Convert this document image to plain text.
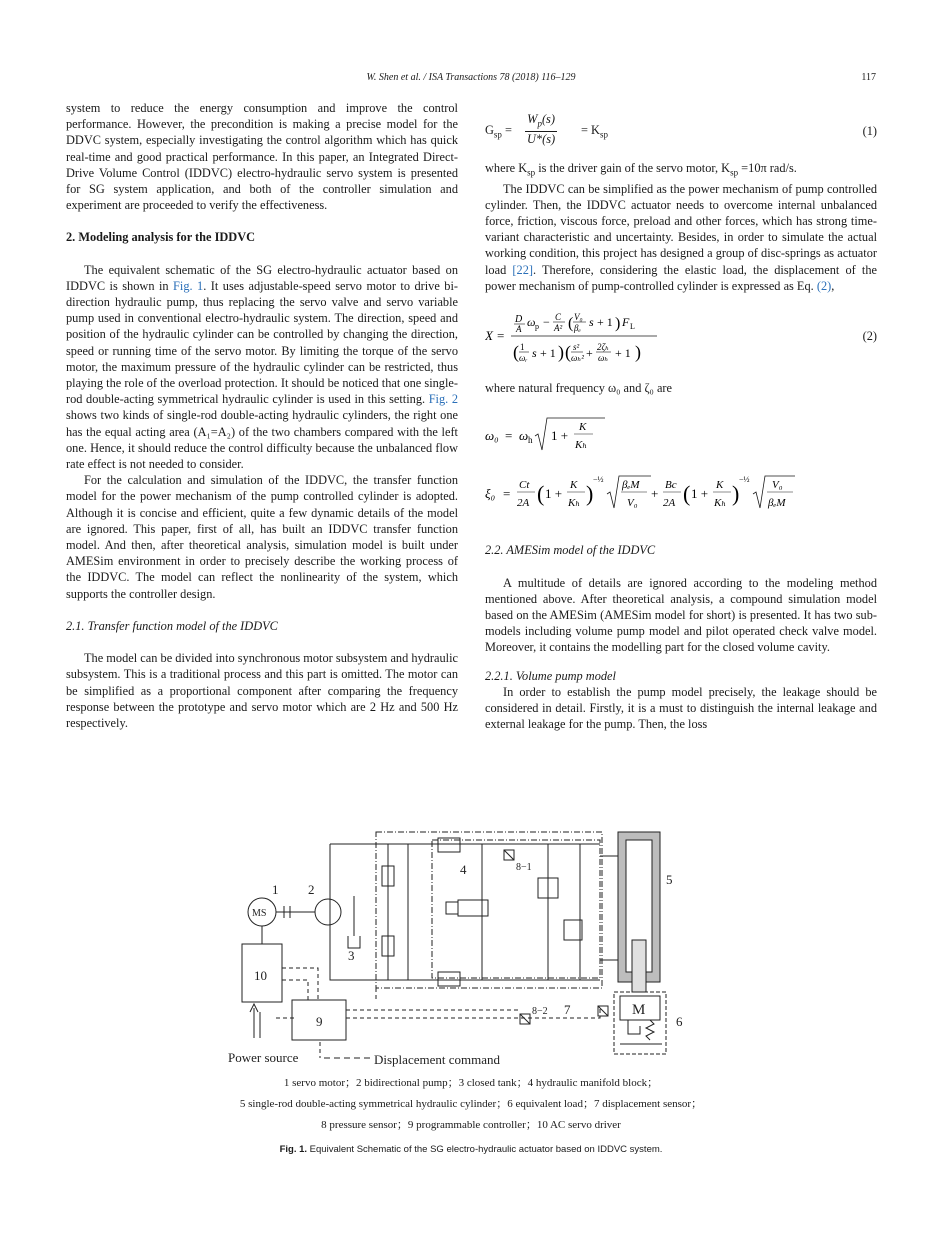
W. Shen et al. / ISA Transactions 78 (2018) 116–129	117

system to reduce the energy consumption and improve the control performance. However, the precondition is making a precise model for the DDVC system, especially investigating the control algorithm which has quick real-time and good practical performance. In this paper, an Integrated Direct-Drive Volume Control (IDDVC) electro-hydraulic servo system is presented for SG system application, and both of the controller simulation and experiment are proceeded to verify the effectiveness.

2. Modeling analysis for the IDDVC

The equivalent schematic of the SG electro-hydraulic actuator based on IDDVC is shown in Fig. 1. It uses adjustable-speed servo motor to drive bi-direction hydraulic pump, thus replacing the servo valve and servo variable pump used in conventional electro-hydraulic system. The direction, speed and position of the hydraulic cylinder can be controlled by changing the direction, speed or running time of the servo motor. By limiting the torque of the servo motor, the maximum pressure of the hydraulic cylinder can be restricted, thus playing the role of the overload protection. It should be noticed that one single-rod double-acting symmetrical hydraulic cylinder is used in this setting. Fig. 2 shows two kinds of single-rod double-acting hydraulic cylinders, the right one has the equal acting area (A₁=A₂) of the two chambers compared with the left one. Hence, it should reduce the control difficulty because the unbalanced flow rate effect is not needed to consider.

For the calculation and simulation of the IDDVC, the transfer function model for the power mechanism of the pump controlled cylinder is adopted. Although it is concise and efficient, quite a few dynamic details of the model are ignored. This paper, first of all, has built an IDDVC transfer function model. And then, after theoretical analysis, simulation model is built under AMESim environment in order to precisely describe the working process of the IDDVC. The model can reflect the nonlinearity of the system, which supports the controller design.

2.1. Transfer function model of the IDDVC

The model can be divided into synchronous motor subsystem and hydraulic subsystem. This is a traditional process and this part is omitted. The motor can be simplified as a proportional component after comparing the frequency response between the prototype and servo motor which are 2 Hz and 500 Hz respectively.

$G_{sp} = \frac{W_p(s)}{U*(s)} = K_{sp}$	(1)

where $K_{sp}$ is the driver gain of the servo motor, $K_{sp} =10\pi$ rad/s.

The IDDVC can be simplified as the power mechanism of pump controlled cylinder. Then, the IDDVC actuator needs to overcome internal unbalanced force, friction, viscous force, preload and other forces, which has strong time-variant characteristic and uncertainty. Besides, in order to simulate the actual working condition, this project has designed a group of disc-springs as actuator load [22]. Therefore, considering the elastic load, the displacement of the power mechanism of pump-controlled cylinder is expressed as Eq. (2),

X =
D
A ω p − C
A² ( V₀
βₑ s + 1 ) F L
( 1
ωᵣ s + 1 ) ( s²
ωₕ² + 2ζₕ
ωₕ + 1 )
(2)

where natural frequency ω₀ and ζ₀ are

ω₀ = ω h 1 +
K
Kₕ
ξ₀ =
Ct
2A ( 1 +
K
Kₕ )
−½ βₑM
V₀
+
Bc
2A ( 1 +
K
Kₕ )
−½ V₀
βₑM

2.2. AMESim model of the IDDVC

A multitude of details are ignored according to the modeling method mentioned above. After theoretical analysis, a compound simulation model based on the AMESim (AMESim model for short) is presented. It has two sub-models including volume pump model and pilot operated check valve model. Moreover, it contains the modelling part for the closed volume cavity.

2.2.1. Volume pump model

In order to establish the pump model precisely, the leakage should be considered in detail. Firstly, it is a must to distinguish the internal leakage and external leakage for the pump. Then, the loss

1 2
3
4
5
6
7
8−1
8−2
9
10
MS
M
Power source	Displacement command
1 servo motor；2 bidirectional pump；3 closed tank；4 hydraulic manifold block；
5 single-rod double-acting symmetrical hydraulic cylinder；6 equivalent load；7 displacement sensor；
8 pressure sensor；9 programmable controller；10 AC servo driver
Fig. 1. Equivalent Schematic of the SG electro-hydraulic actuator based on IDDVC system.
